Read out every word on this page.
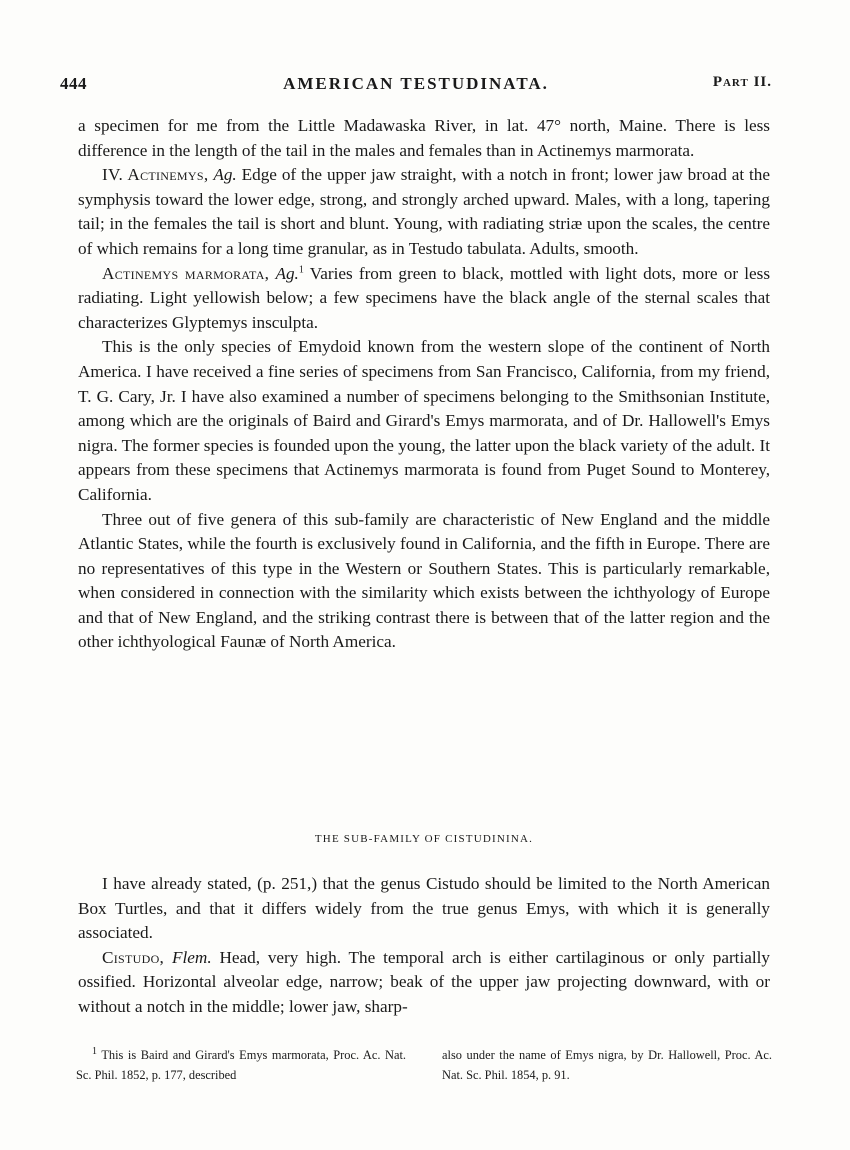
444	AMERICAN TESTUDINATA.	Part II.

a specimen for me from the Little Madawaska River, in lat. 47° north, Maine. There is less difference in the length of the tail in the males and females than in Actinemys marmorata.

IV. Actinemys, Ag. Edge of the upper jaw straight, with a notch in front; lower jaw broad at the symphysis toward the lower edge, strong, and strongly arched upward. Males, with a long, tapering tail; in the females the tail is short and blunt. Young, with radiating striæ upon the scales, the centre of which remains for a long time granular, as in Testudo tabulata. Adults, smooth.

Actinemys marmorata, Ag.$^1$ Varies from green to black, mottled with light dots, more or less radiating. Light yellowish below; a few specimens have the black angle of the sternal scales that characterizes Glyptemys insculpta.

This is the only species of Emydoid known from the western slope of the continent of North America. I have received a fine series of specimens from San Francisco, California, from my friend, T. G. Cary, Jr. I have also examined a number of specimens belonging to the Smithsonian Institute, among which are the originals of Baird and Girard's Emys marmorata, and of Dr. Hallowell's Emys nigra. The former species is founded upon the young, the latter upon the black variety of the adult. It appears from these specimens that Actinemys marmorata is found from Puget Sound to Monterey, California.

Three out of five genera of this sub-family are characteristic of New England and the middle Atlantic States, while the fourth is exclusively found in California, and the fifth in Europe. There are no representatives of this type in the Western or Southern States. This is particularly remarkable, when considered in connection with the similarity which exists between the ichthyology of Europe and that of New England, and the striking contrast there is between that of the latter region and the other ichthyological Faunæ of North America.

THE SUB-FAMILY OF CISTUDININA.

I have already stated, (p. 251,) that the genus Cistudo should be limited to the North American Box Turtles, and that it differs widely from the true genus Emys, with which it is generally associated.

Cistudo, Flem. Head, very high. The temporal arch is either cartilaginous or only partially ossified. Horizontal alveolar edge, narrow; beak of the upper jaw projecting downward, with or without a notch in the middle; lower jaw, sharp-

$^1$ This is Baird and Girard's Emys marmorata, Proc. Ac. Nat. Sc. Phil. 1852, p. 177, described
also under the name of Emys nigra, by Dr. Hallowell, Proc. Ac. Nat. Sc. Phil. 1854, p. 91.
